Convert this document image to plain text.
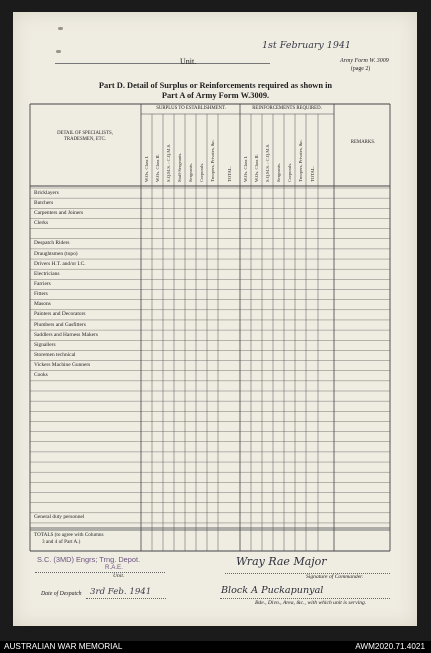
Unit.
1st February 1941
Army Form W. 3009
(page 2)
Part D. Detail of Surplus or Reinforcements required as shown in
Part A of Army Form W.3009.
W.Os. Class I. W.Os. Class II. S.Q.M.S. : C.Q.M.S. Staff-Sergeants. Sergeants. Corporals. Troopers, Privates, &c.	TOTAL. W.Os. Class I. W.Os. Class II. S.Q.M.S. : C.Q.M.S. Sergeants. Corporals. Troopers, Privates, &c. TOTAL.
DETAIL OF SPECIALISTS,
TRADESMEN, ETC.
SURPLUS TO ESTABLISHMENT.	REINFORCEMENTS REQUIRED.
REMARKS.
Bricklayers
Butchers
Carpenters and Joiners
Clerks
Despatch Riders
Draughtsmen (topo)
Drivers H.T. and/or I.C.
Electricians
Farriers
Fitters
Masons
Painters and Decorators
Plumbers and Gasfitters
Saddlers and Harness Makers
Signallers
Storemen technical
Vickers Machine Gunners
Cooks
General duty personnel
TOTALS (to agree with Columns
3 and 4 of Part A.)
S.C. (3MD) Engrs; Trng. Depot.
R.A.E.
Unit.
Wray Rae Major
Signature of Commander.
Date of Despatch 3rd Feb. 1941	Block A Puckapunyal
Bde., Divn., Area, &c., with which unit is serving.
AUSTRALIAN WAR MEMORIAL	AWM2020.71.4021
